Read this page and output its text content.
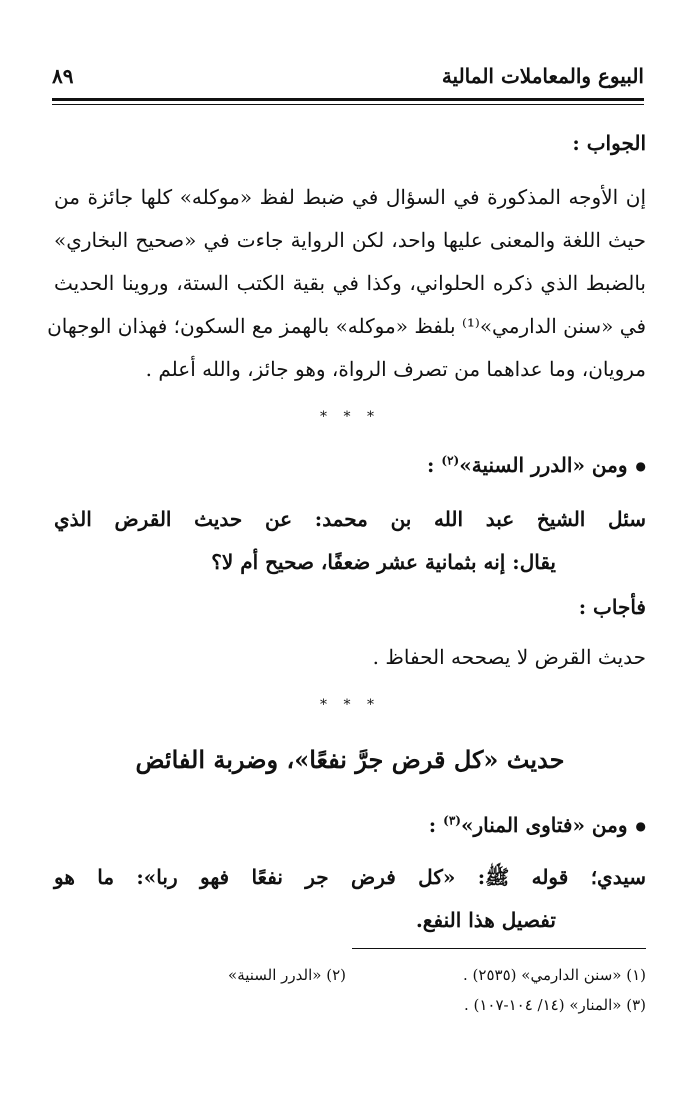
البيوع والمعاملات المالية
٨٩
الجواب :
إن الأوجه المذكورة في السؤال في ضبط لفظ «موكله» كلها جائزة من
حيث اللغة والمعنى عليها واحد، لكن الرواية جاءت في «صحيح البخاري»
بالضبط الذي ذكره الحلواني، وكذا في بقية الكتب الستة، وروينا الحديث
في «سنن الدارمي»⁽¹⁾ بلفظ «موكله» بالهمز مع السكون؛ فهذان الوجهان
مرويان، وما عداهما من تصرف الرواة، وهو جائز، والله أعلم .
* * *
● ومن «الدرر السنية»$^{(٢)}$ :
سئل الشيخ عبد الله بن محمد: عن حديث القرض الذي
يقال: إنه بثمانية عشر ضعفًا، صحيح أم لا؟
فأجاب :
حديث القرض لا يصححه الحفاظ .
* * *
حديث «كل قرض جرَّ نفعًا»، وضربة الفائض
● ومن «فتاوى المنار»$^{(٣)}$ :
سيدي؛ قوله ﷺ: «كل فرض جر نفعًا فهو ربا»: ما هو
تفصيل هذا النفع.
(١) «سنن الدارمي» (٢٥٣٥) .(٢) «الدرر السنية»
(٣) «المنار» (١٤/ ١٠٤-١٠٧) .
